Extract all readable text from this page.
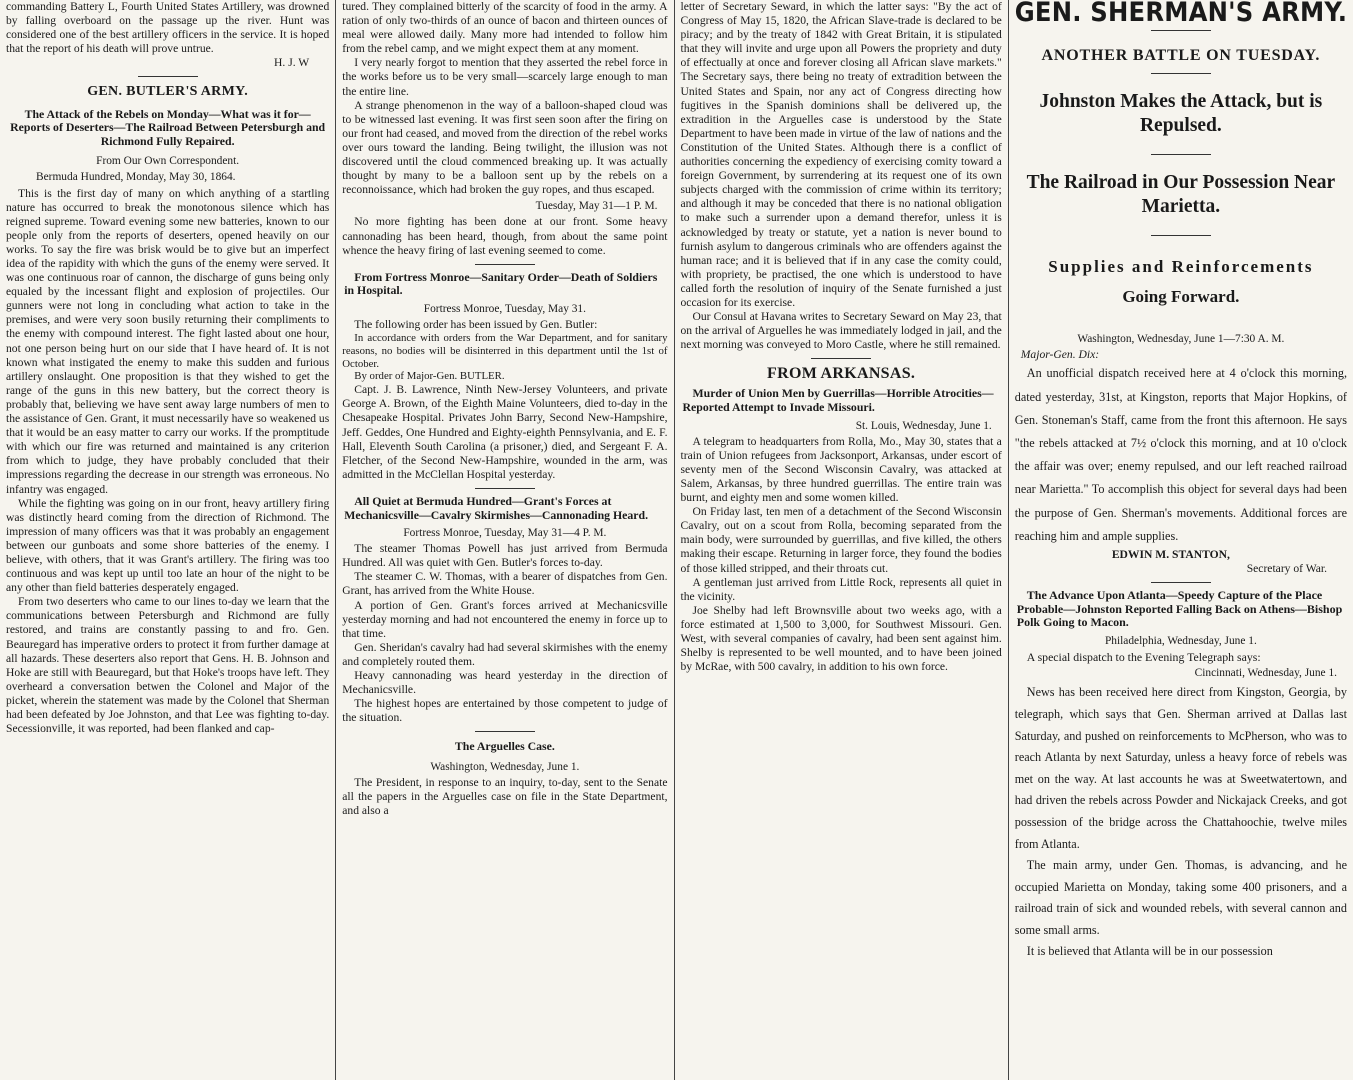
commanding Battery L, Fourth United States Artillery, was drowned by falling overboard on the passage up the river. Hunt was considered one of the best artillery officers in the service. It is hoped that the report of his death will prove untrue.

H. J. W
GEN. BUTLER'S ARMY.
The Attack of the Rebels on Monday—What was it for—Reports of Deserters—The Railroad Between Petersburgh and Richmond Fully Repaired.
From Our Own Correspondent.
Bermuda Hundred, Monday, May 30, 1864.

This is the first day of many on which anything of a startling nature has occurred to break the monotonous silence which has reigned supreme. Toward evening some new batteries, known to our people only from the reports of deserters, opened heavily on our works. To say the fire was brisk would be to give but an imperfect idea of the rapidity with which the guns of the enemy were served. It was one continuous roar of cannon, the discharge of guns being only equaled by the incessant flight and explosion of projectiles. Our gunners were not long in concluding what action to take in the premises, and were very soon busily returning their compliments to the enemy with compound interest. The fight lasted about one hour, not one person being hurt on our side that I have heard of. It is not known what instigated the enemy to make this sudden and furious artillery onslaught. One proposition is that they wished to get the range of the guns in this new battery, but the correct theory is probably that, believing we have sent away large numbers of men to the assistance of Gen. Grant, it must necessarily have so weakened us that it would be an easy matter to carry our works. If the promptitude with which our fire was returned and maintained is any criterion from which to judge, they have probably concluded that their impressions regarding the decrease in our strength was erroneous. No infantry was engaged.

While the fighting was going on in our front, heavy artillery firing was distinctly heard coming from the direction of Richmond. The impression of many officers was that it was probably an engagement between our gunboats and some shore batteries of the enemy. I believe, with others, that it was Grant's artillery. The firing was too continuous and was kept up until too late an hour of the night to be any other than field batteries desperately engaged.

From two deserters who came to our lines to-day we learn that the communications between Petersburgh and Richmond are fully restored, and trains are constantly passing to and fro. Gen. Beauregard has imperative orders to protect it from further damage at all hazards. These deserters also report that Gens. H. B. Johnson and Hoke are still with Beauregard, but that Hoke's troops have left. They overheard a conversation betwen the Colonel and Major of the picket, wherein the statement was made by the Colonel that Sherman had been defeated by Joe Johnston, and that Lee was fighting to-day. Secessionville, it was reported, had been flanked and cap-

tured. They complained bitterly of the scarcity of food in the army. A ration of only two-thirds of an ounce of bacon and thirteen ounces of meal were allowed daily. Many more had intended to follow him from the rebel camp, and we might expect them at any moment.

I very nearly forgot to mention that they asserted the rebel force in the works before us to be very small—scarcely large enough to man the entire line.

A strange phenomenon in the way of a balloon-shaped cloud was to be witnessed last evening. It was first seen soon after the firing on our front had ceased, and moved from the direction of the rebel works over ours toward the landing. Being twilight, the illusion was not discovered until the cloud commenced breaking up. It was actually thought by many to be a balloon sent up by the rebels on a reconnoissance, which had broken the guy ropes, and thus escaped.

Tuesday, May 31—1 P. M.

No more fighting has been done at our front. Some heavy cannonading has been heard, though, from about the same point whence the heavy firing of last evening seemed to come.

From Fortress Monroe—Sanitary Order—Death of Soldiers in Hospital.
Fortress Monroe, Tuesday, May 31.

The following order has been issued by Gen. Butler:

In accordance with orders from the War Department, and for sanitary reasons, no bodies will be disinterred in this department until the 1st of October.

By order of Major-Gen. BUTLER.

Capt. J. B. Lawrence, Ninth New-Jersey Volunteers, and private George A. Brown, of the Eighth Maine Volunteers, died to-day in the Chesapeake Hospital. Privates John Barry, Second New-Hampshire, Jeff. Geddes, One Hundred and Eighty-eighth Pennsylvania, and E. F. Hall, Eleventh South Carolina (a prisoner,) died, and Sergeant F. A. Fletcher, of the Second New-Hampshire, wounded in the arm, was admitted in the McClellan Hospital yesterday.

All Quiet at Bermuda Hundred—Grant's Forces at Mechanicsville—Cavalry Skirmishes—Cannonading Heard.
Fortress Monroe, Tuesday, May 31—4 P. M.

The steamer Thomas Powell has just arrived from Bermuda Hundred. All was quiet with Gen. Butler's forces to-day.

The steamer C. W. Thomas, with a bearer of dispatches from Gen. Grant, has arrived from the White House.

A portion of Gen. Grant's forces arrived at Mechanicsville yesterday morning and had not encountered the enemy in force up to that time.

Gen. Sheridan's cavalry had had several skirmishes with the enemy and completely routed them.

Heavy cannonading was heard yesterday in the direction of Mechanicsville.

The highest hopes are entertained by those competent to judge of the situation.

The Arguelles Case.
Washington, Wednesday, June 1.

The President, in response to an inquiry, to-day, sent to the Senate all the papers in the Arguelles case on file in the State Department, and also a

letter of Secretary Seward, in which the latter says: "By the act of Congress of May 15, 1820, the African Slave-trade is declared to be piracy; and by the treaty of 1842 with Great Britain, it is stipulated that they will invite and urge upon all Powers the propriety and duty of effectually at once and forever closing all African slave markets." The Secretary says, there being no treaty of extradition between the United States and Spain, nor any act of Congress directing how fugitives in the Spanish dominions shall be delivered up, the extradition in the Arguelles case is understood by the State Department to have been made in virtue of the law of nations and the Constitution of the United States. Although there is a conflict of authorities concerning the expediency of exercising comity toward a foreign Government, by surrendering at its request one of its own subjects charged with the commission of crime within its territory; and although it may be conceded that there is no national obligation to make such a surrender upon a demand therefor, unless it is acknowledged by treaty or statute, yet a nation is never bound to furnish asylum to dangerous criminals who are offenders against the human race; and it is believed that if in any case the comity could, with propriety, be practised, the one which is understood to have called forth the resolution of inquiry of the Senate furnished a just occasion for its exercise.

Our Consul at Havana writes to Secretary Seward on May 23, that on the arrival of Arguelles he was immediately lodged in jail, and the next morning was conveyed to Moro Castle, where he still remained.

FROM ARKANSAS.
Murder of Union Men by Guerrillas—Horrible Atrocities—Reported Attempt to Invade Missouri.
St. Louis, Wednesday, June 1.

A telegram to headquarters from Rolla, Mo., May 30, states that a train of Union refugees from Jacksonport, Arkansas, under escort of seventy men of the Second Wisconsin Cavalry, was attacked at Salem, Arkansas, by three hundred guerrillas. The entire train was burnt, and eighty men and some women killed.

On Friday last, ten men of a detachment of the Second Wisconsin Cavalry, out on a scout from Rolla, becoming separated from the main body, were surrounded by guerrillas, and five killed, the others making their escape. Returning in larger force, they found the bodies of those killed stripped, and their throats cut.

A gentleman just arrived from Little Rock, represents all quiet in the vicinity.

Joe Shelby had left Brownsville about two weeks ago, with a force estimated at 1,500 to 3,000, for Southwest Missouri. Gen. West, with several companies of cavalry, had been sent against him. Shelby is represented to be well mounted, and to have been joined by McRae, with 500 cavalry, in addition to his own force.

GEN. SHERMAN'S ARMY.
ANOTHER BATTLE ON TUESDAY.
Johnston Makes the Attack, but is Repulsed.
The Railroad in Our Possession Near Marietta.
Supplies and Reinforcements
Going Forward.
Washington, Wednesday, June 1—7:30 A. M.

Major-Gen. Dix:

An unofficial dispatch received here at 4 o'clock this morning, dated yesterday, 31st, at Kingston, reports that Major Hopkins, of Gen. Stoneman's Staff, came from the front this afternoon. He says "the rebels attacked at 7½ o'clock this morning, and at 10 o'clock the affair was over; enemy repulsed, and our left reached railroad near Marietta." To accomplish this object for several days had been the purpose of Gen. Sherman's movements. Additional forces are reaching him and ample supplies.

EDWIN M. STANTON,
Secretary of War.
The Advance Upon Atlanta—Speedy Capture of the Place Probable—Johnston Reported Falling Back on Athens—Bishop Polk Going to Macon.
Philadelphia, Wednesday, June 1.

A special dispatch to the Evening Telegraph says:

Cincinnati, Wednesday, June 1.

News has been received here direct from Kingston, Georgia, by telegraph, which says that Gen. Sherman arrived at Dallas last Saturday, and pushed on reinforcements to McPherson, who was to reach Atlanta by next Saturday, unless a heavy force of rebels was met on the way. At last accounts he was at Sweetwatertown, and had driven the rebels across Powder and Nickajack Creeks, and got possession of the bridge across the Chattahoochie, twelve miles from Atlanta.

The main army, under Gen. Thomas, is advancing, and he occupied Marietta on Monday, taking some 400 prisoners, and a railroad train of sick and wounded rebels, with several cannon and some small arms.

It is believed that Atlanta will be in our possession
